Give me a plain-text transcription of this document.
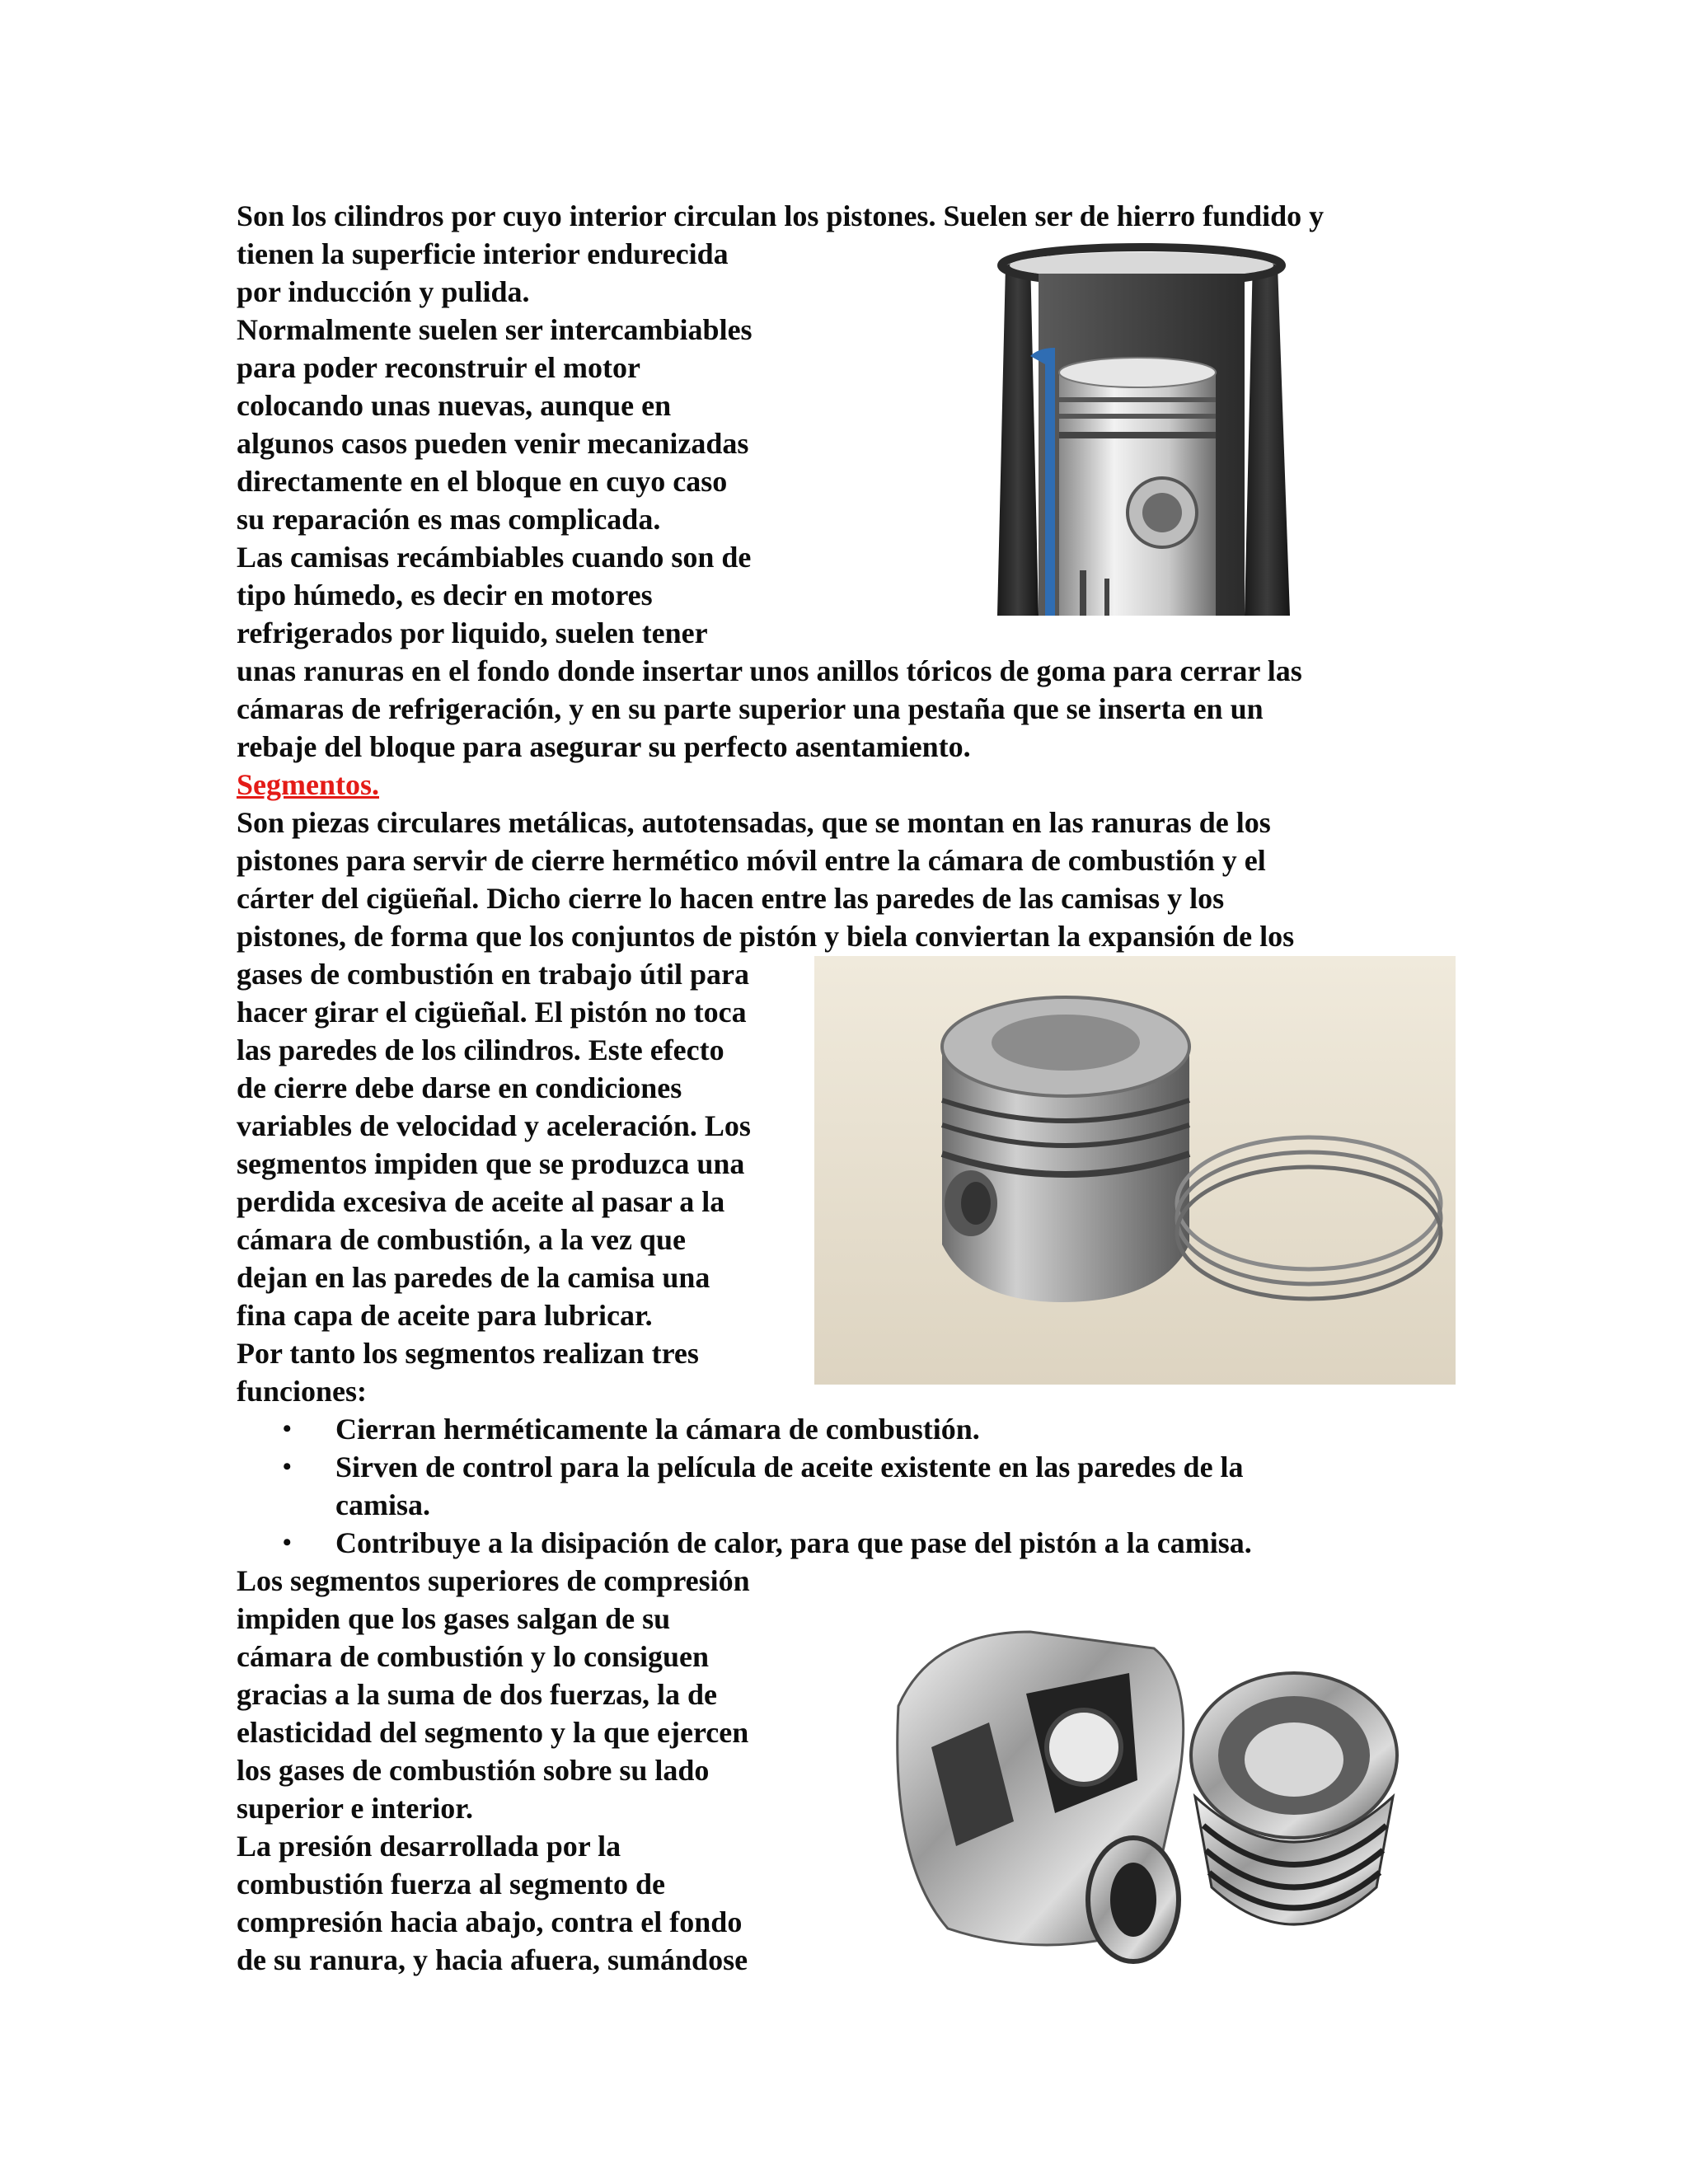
Son los cilindros por cuyo interior circulan los pistones. Suelen ser de hierro fundido y

tienen la superficie interior endurecida

por inducción y pulida.

Normalmente suelen ser intercambiables

para poder reconstruir el motor

colocando unas nuevas, aunque en

algunos casos pueden venir mecanizadas

directamente en el bloque en cuyo caso

su reparación es mas complicada.

Las camisas recámbiables cuando son de

tipo húmedo, es decir en motores

refrigerados por liquido, suelen tener

unas ranuras en el fondo donde insertar unos anillos tóricos de goma para cerrar las

cámaras de refrigeración, y en su parte superior una pestaña que se inserta en un

rebaje del bloque para asegurar su perfecto asentamiento.

Segmentos.

Son piezas circulares metálicas, autotensadas, que se montan en las ranuras de los

pistones para servir de cierre hermético móvil entre la cámara de combustión y el

cárter del cigüeñal. Dicho cierre lo hacen entre las paredes de las camisas y los

pistones, de forma que los conjuntos de pistón y biela conviertan la expansión de los

gases de combustión en trabajo útil para

hacer girar el cigüeñal. El pistón no toca

las paredes de los cilindros. Este efecto

de cierre debe darse en condiciones

variables de velocidad y aceleración. Los

segmentos impiden que se produzca una

perdida excesiva de aceite al pasar a la

cámara de combustión, a la vez que

dejan en las paredes de la camisa una

fina capa de aceite para lubricar.

Por tanto los segmentos realizan tres

funciones:

• Cierran herméticamente la cámara de combustión.

• Sirven de control para la película de aceite existente en las paredes de la

camisa.

• Contribuye a la disipación de calor, para que pase del pistón a la camisa.

Los segmentos superiores de compresión

impiden que los gases salgan de su

cámara de combustión y lo consiguen

gracias a la suma de dos fuerzas, la de

elasticidad del segmento y la que ejercen

los gases de combustión sobre su lado

superior e interior.

La presión desarrollada por la

combustión fuerza al segmento de

compresión hacia abajo, contra el fondo

de su ranura, y hacia afuera, sumándose
